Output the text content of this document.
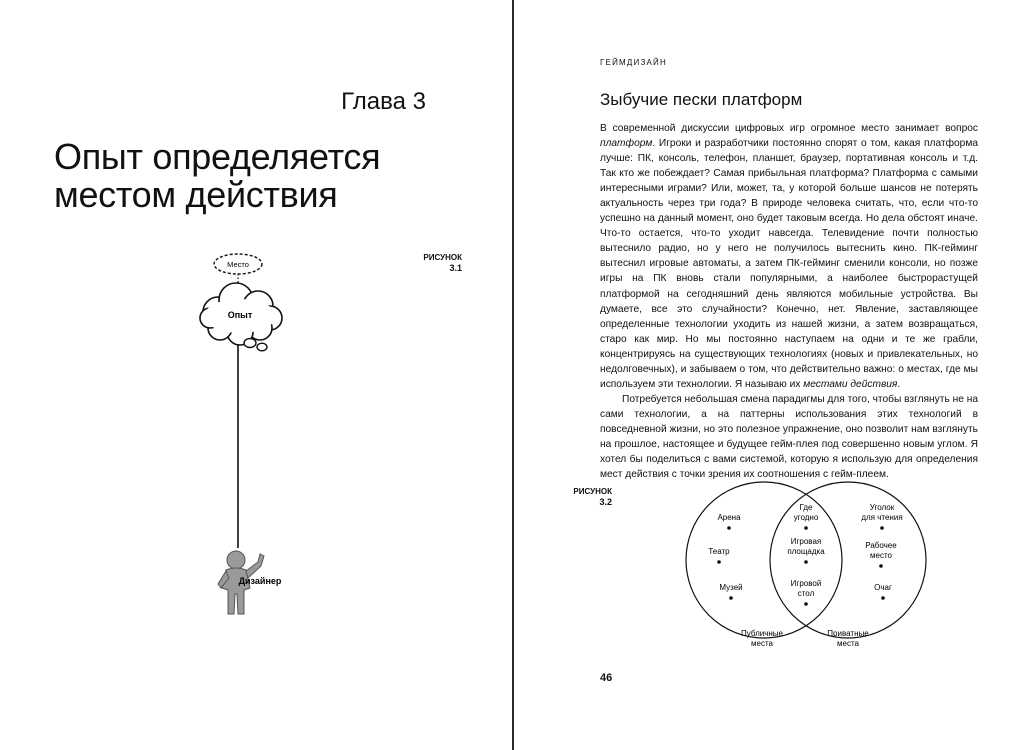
Глава 3
Опыт определяется
местом действия
РИСУНОК
3.1
Место
Опыт
Дизайнер
ГЕЙМДИЗАЙН
Зыбучие пески платформ

В современной дискуссии цифровых игр огромное место занимает вопрос платформ. Игроки и разработчики постоянно спорят о том, какая платформа лучше: ПК, консоль, телефон, планшет, браузер, портативная консоль и т.д. Так кто же побеждает? Самая прибыльная платформа? Платформа с самыми интересными играми? Или, может, та, у которой больше шансов не потерять актуальность через три года? В природе человека считать, что, если что-то успешно на данный момент, оно будет таковым всегда. Но дела обстоят иначе. Что-то остается, что-то уходит навсегда. Телевидение почти полностью вытеснило радио, но у него не получилось вытеснить кино. ПК-гейминг вытеснил игровые автоматы, а затем ПК-гейминг сменили консоли, но позже игры на ПК вновь стали популярными, а наиболее быстрорастущей платформой на сегодняшний день являются мобильные устройства. Вы думаете, все это случайности? Конечно, нет. Явление, заставляющее определенные технологии уходить из нашей жизни, а затем возвращаться, старо как мир. Но мы постоянно наступаем на одни и те же грабли, концентрируясь на существующих технологиях (новых и привлекательных, но недолговечных), и забываем о том, что действительно важно: о местах, где мы используем эти технологии. Я называю их местами действия.

Потребуется небольшая смена парадигмы для того, чтобы взглянуть не на сами технологии, а на паттерны использования этих технологий в повседневной жизни, но это полезное упражнение, оно позволит нам взглянуть на прошлое, настоящее и будущее гейм-плея под совершенно новым углом. Я хотел бы поделиться с вами системой, которую я использую для определения мест действия с точки зрения их соотношения с гейм-плеем.

РИСУНОК
3.2
Арена
Театр
Музей
Где угодно
Игровая площадка
Игровой стол
Уголок для чтения
Рабочее место
Очаг
Публичные места
Приватные места
46
